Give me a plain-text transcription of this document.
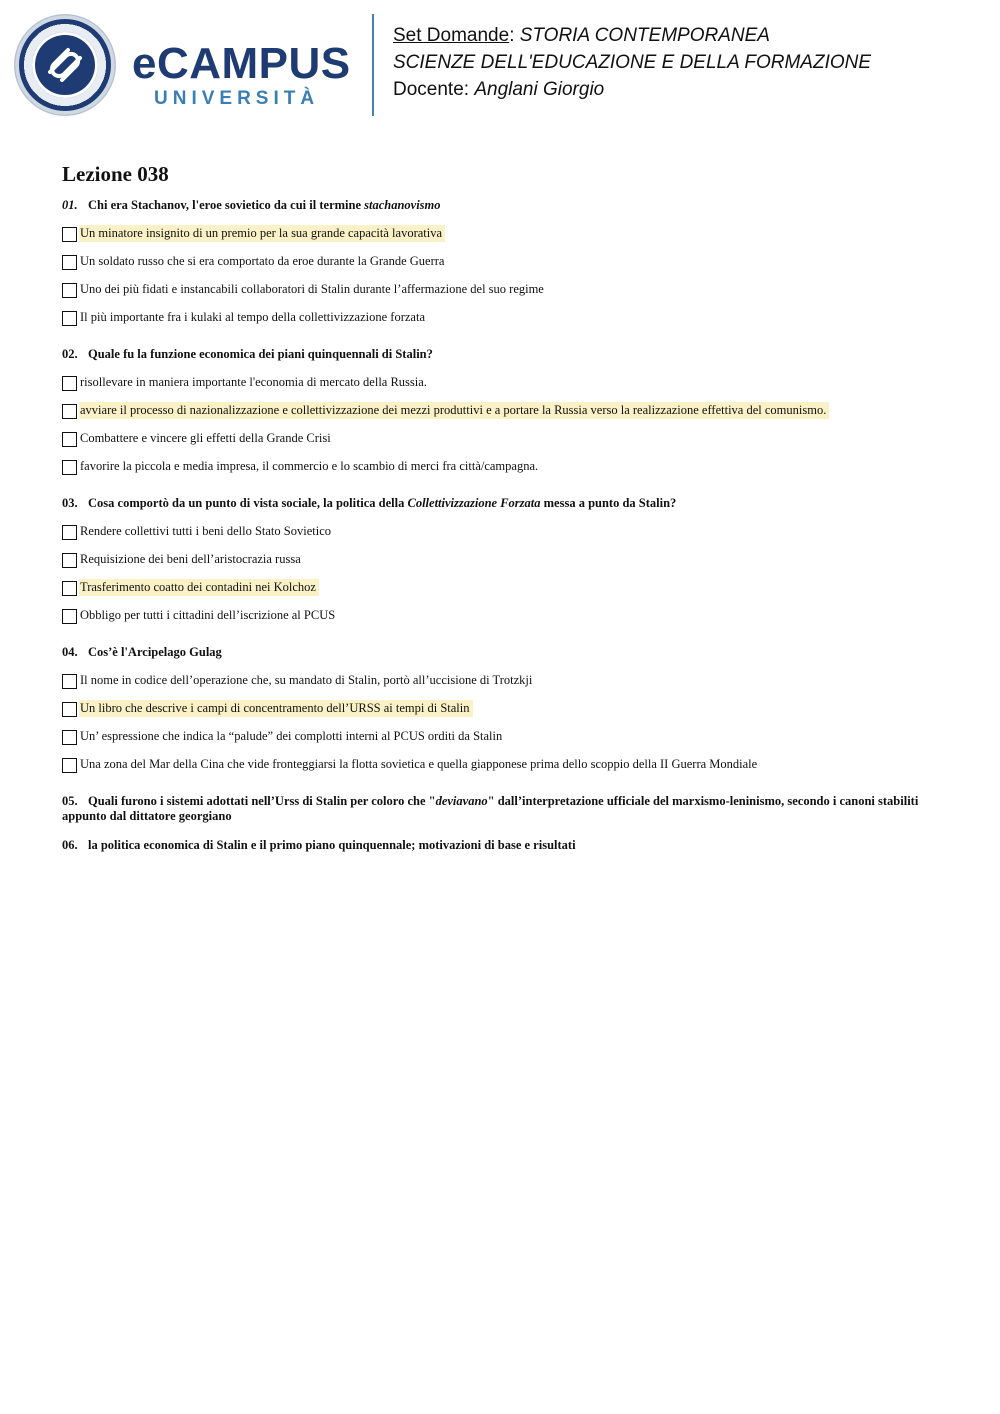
eCAMPUS
UNIVERSITÀ
Set Domande: STORIA CONTEMPORANEA
SCIENZE DELL'EDUCAZIONE E DELLA FORMAZIONE
Docente: Anglani Giorgio
Lezione 038
01. Chi era Stachanov, l'eroe sovietico da cui il termine stachanovismo
Un minatore insignito di un premio per la sua grande capacità lavorativa
Un soldato russo che si era comportato da eroe durante la Grande Guerra
Uno dei più fidati e instancabili collaboratori di Stalin durante l’affermazione del suo regime
Il più importante fra i kulaki al tempo della collettivizzazione forzata
02. Quale fu la funzione economica dei piani quinquennali di Stalin?
risollevare in maniera importante l'economia di mercato della Russia.
avviare il processo di nazionalizzazione e collettivizzazione dei mezzi produttivi e a portare la Russia verso la realizzazione effettiva del comunismo.
Combattere e vincere gli effetti della Grande Crisi
favorire la piccola e media impresa, il commercio e lo scambio di merci fra città/campagna.
03. Cosa comportò da un punto di vista sociale, la politica della Collettivizzazione Forzata messa a punto da Stalin?
Rendere collettivi tutti i beni dello Stato Sovietico
Requisizione dei beni dell’aristocrazia russa
Trasferimento coatto dei contadini nei Kolchoz
Obbligo per tutti i cittadini dell’iscrizione al PCUS
04. Cos’è l'Arcipelago Gulag
Il nome in codice dell’operazione che, su mandato di Stalin, portò all’uccisione di Trotzkji
Un libro che descrive i campi di concentramento dell’URSS ai tempi di Stalin
Un’ espressione che indica la “palude” dei complotti interni al PCUS orditi da Stalin
Una zona del Mar della Cina che vide fronteggiarsi la flotta sovietica e quella giapponese prima dello scoppio della II Guerra Mondiale
05. Quali furono i sistemi adottati nell’Urss di Stalin per coloro che "deviavano" dall’interpretazione ufficiale del marxismo-leninismo, secondo i canoni stabiliti appunto dal dittatore georgiano
06. la politica economica di Stalin e il primo piano quinquennale; motivazioni di base e risultati
